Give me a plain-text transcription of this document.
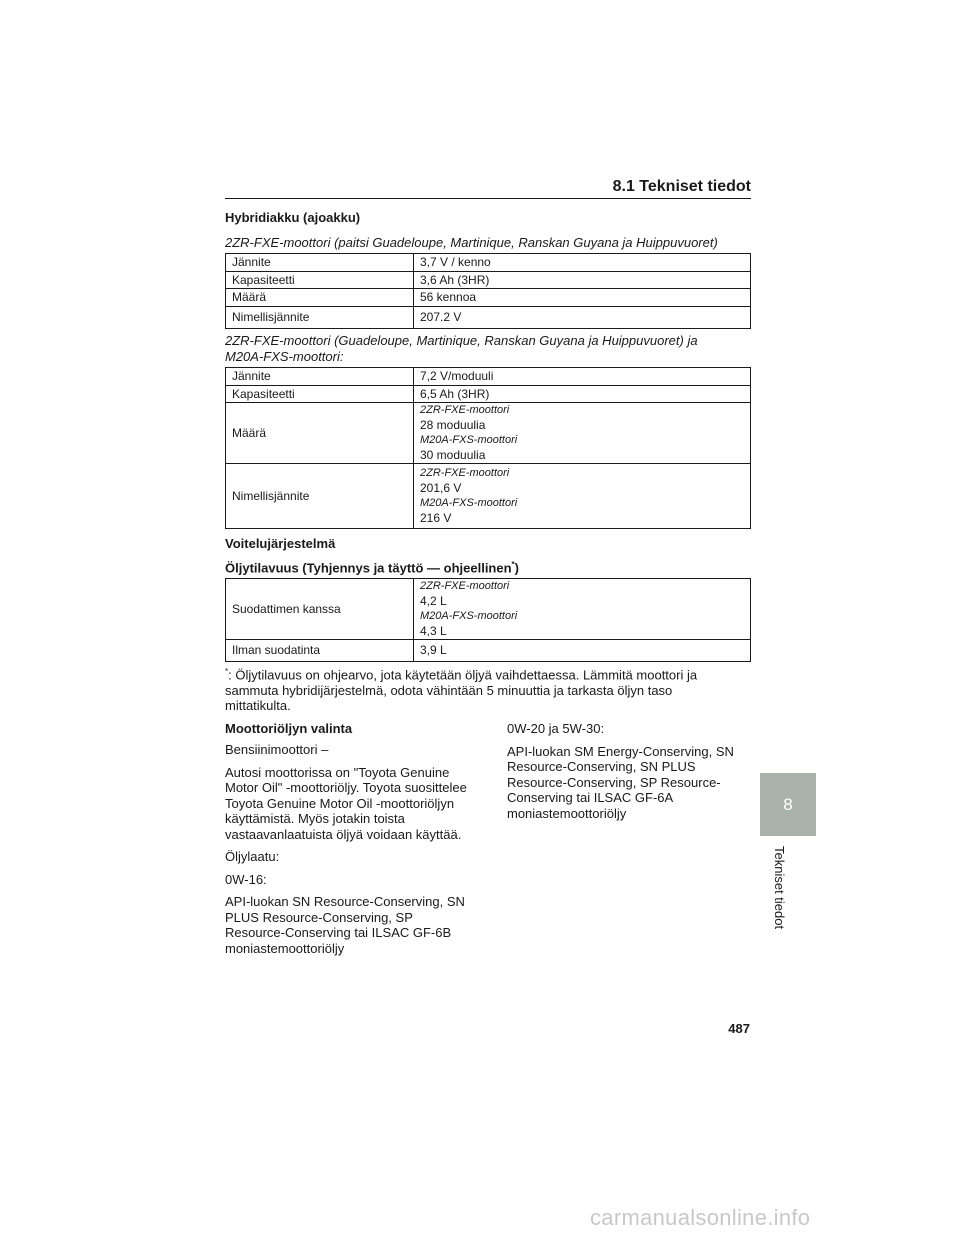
8.1 Tekniset tiedot
Hybridiakku (ajoakku)
2ZR-FXE-moottori (paitsi Guadeloupe, Martinique, Ranskan Guyana ja Huippuvuoret)
Jännite	3,7 V / kenno
Kapasiteetti	3,6 Ah (3HR)
Määrä	56 kennoa
Nimellisjännite	207.2 V
2ZR-FXE-moottori (Guadeloupe, Martinique, Ranskan Guyana ja Huippuvuoret) ja
M20A-FXS-moottori:
Jännite	7,2 V/moduuli
Kapasiteetti	6,5 Ah (3HR)
Määrä	2ZR-FXE-moottori
28 moduulia
M20A-FXS-moottori
30 moduulia

Nimellisjännite	2ZR-FXE-moottori
201,6 V
M20A-FXS-moottori
216 V
Voitelujärjestelmä
Öljytilavuus (Tyhjennys ja täyttö — ohjeellinen*)
Suodattimen kanssa	2ZR-FXE-moottori
4,2 L
M20A-FXS-moottori
4,3 L

Ilman suodatinta	3,9 L
*: Öljytilavuus on ohjearvo, jota käytetään öljyä vaihdettaessa. Lämmitä moottori ja sammuta hybridijärjestelmä, odota vähintään 5 minuuttia ja tarkasta öljyn taso mittatikulta.
Moottoriöljyn valinta
Bensiinimoottori –
Autosi moottorissa on "Toyota Genuine Motor Oil" -moottoriöljy. Toyota suosittelee Toyota Genuine Motor Oil -moottoriöljyn käyttämistä. Myös jotakin toista vastaavanlaatuista öljyä voidaan käyttää.
Öljylaatu:
0W-16:
API-luokan SN Resource-Conserving, SN PLUS Resource-Conserving, SP Resource-Conserving tai ILSAC GF-6B moniastemoottoriöljy
0W-20 ja 5W-30:
API-luokan SM Energy-Conserving, SN Resource-Conserving, SN PLUS Resource-Conserving, SP Resource-Conserving tai ILSAC GF-6A moniastemoottoriöljy	8
Tekniset tiedot
487
carmanualsonline.info
